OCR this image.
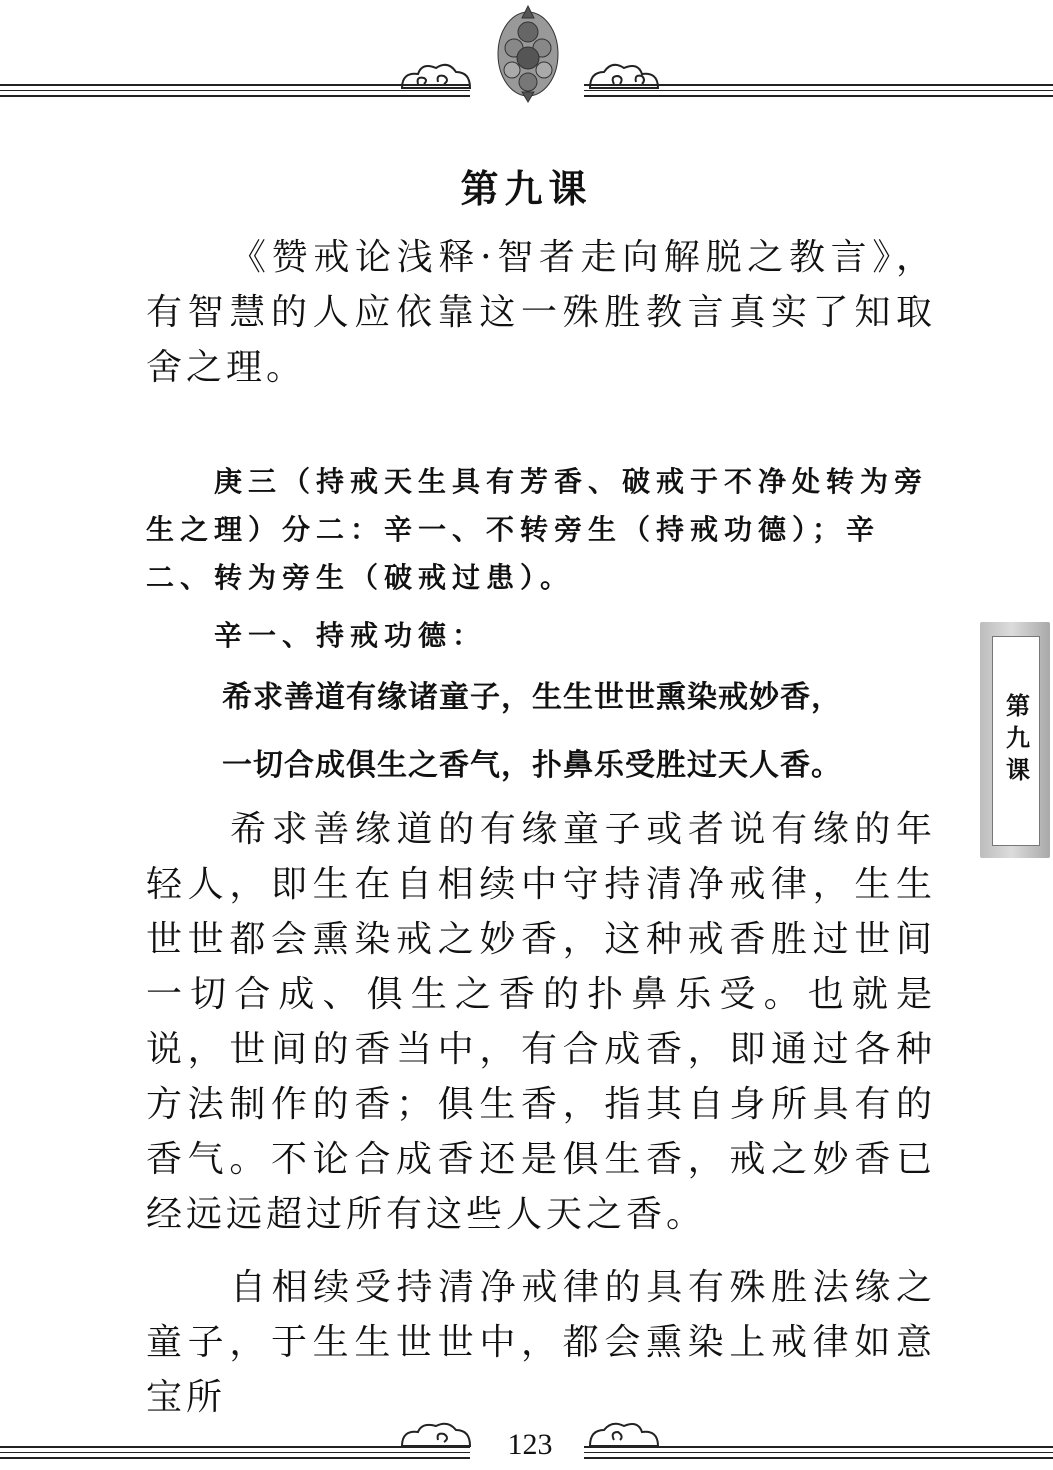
第九课

《赞戒论浅释·智者走向解脱之教言》，有智慧的人应依靠这一殊胜教言真实了知取舍之理。

庚三（持戒天生具有芳香、破戒于不净处转为旁生之理）分二：辛一、不转旁生（持戒功德）；辛二、转为旁生（破戒过患）。

辛一、持戒功德：

希求善道有缘诸童子，生生世世熏染戒妙香，

一切合成俱生之香气，扑鼻乐受胜过天人香。

希求善缘道的有缘童子或者说有缘的年轻人，即生在自相续中守持清净戒律，生生世世都会熏染戒之妙香，这种戒香胜过世间一切合成、俱生之香的扑鼻乐受。也就是说，世间的香当中，有合成香，即通过各种方法制作的香；俱生香，指其自身所具有的香气。不论合成香还是俱生香，戒之妙香已经远远超过所有这些人天之香。

自相续受持清净戒律的具有殊胜法缘之童子，于生生世世中，都会熏染上戒律如意宝所

第九课
123
